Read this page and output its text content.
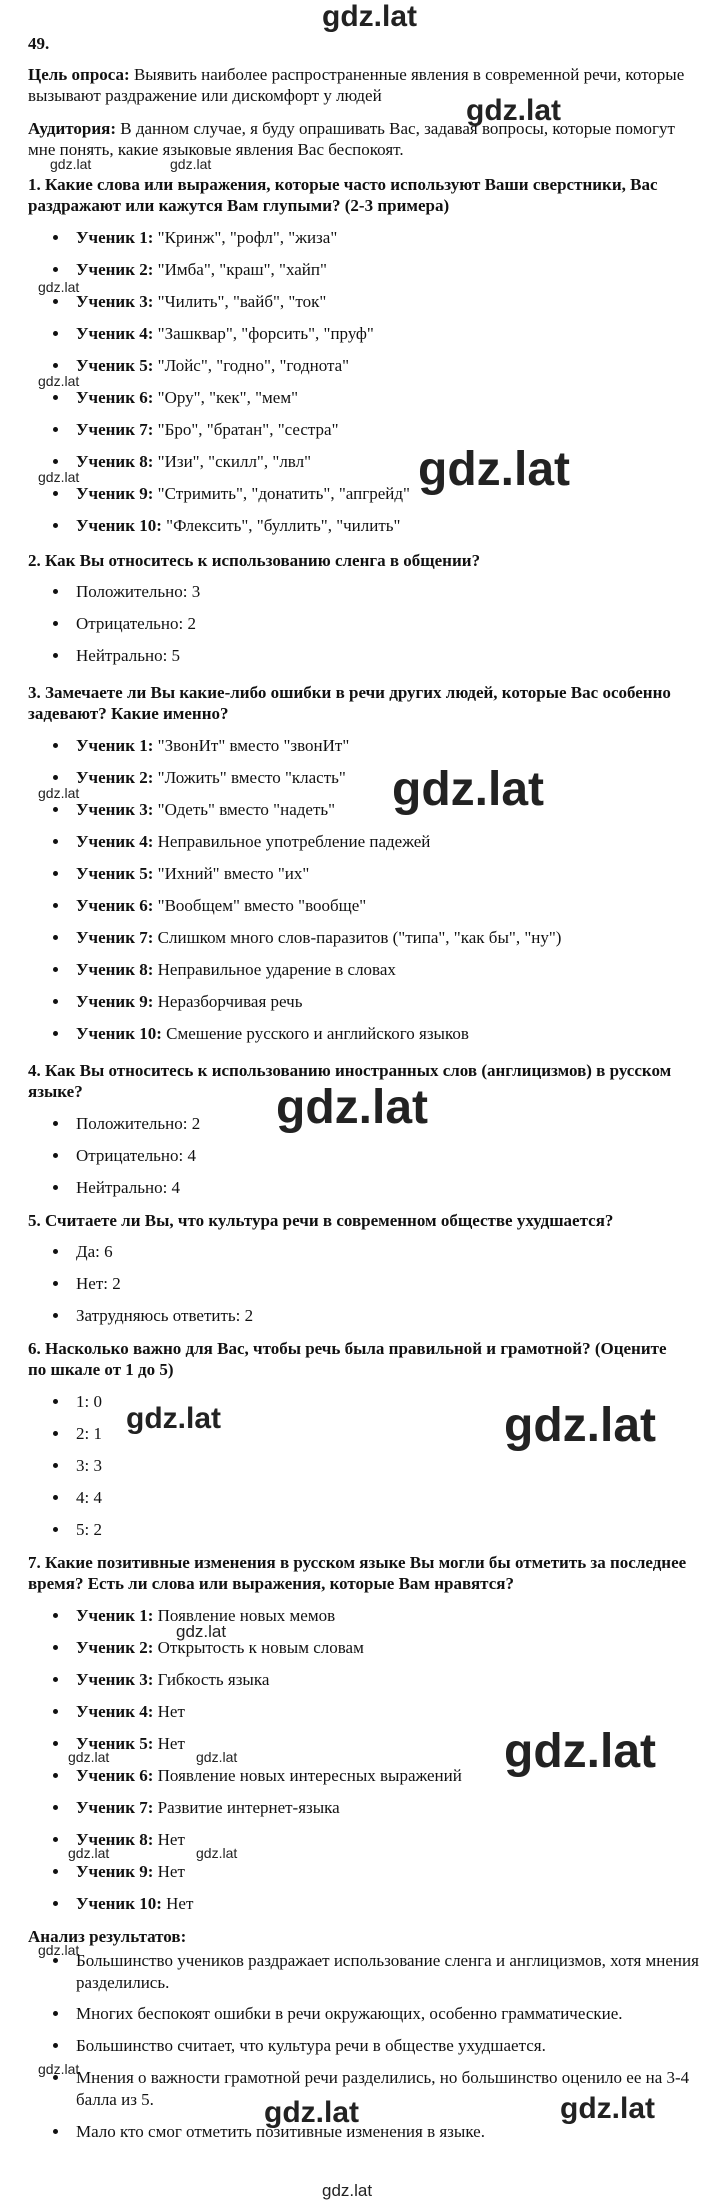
49.
Цель опроса: Выявить наиболее распространенные явления в современной речи, которые вызывают раздражение или дискомфорт у людей
Аудитория: В данном случае, я буду опрашивать Вас, задавая вопросы, которые помогут мне понять, какие языковые явления Вас беспокоят.
1. Какие слова или выражения, которые часто используют Ваши сверстники, Вас раздражают или кажутся Вам глупыми? (2-3 примера)
• Ученик 1: "Кринж", "рофл", "жиза"
• Ученик 2: "Имба", "краш", "хайп"
• Ученик 3: "Чилить", "вайб", "ток"
• Ученик 4: "Зашквар", "форсить", "пруф"
• Ученик 5: "Лойс", "годно", "годнота"
• Ученик 6: "Ору", "кек", "мем"
• Ученик 7: "Бро", "братан", "сестра"
• Ученик 8: "Изи", "скилл", "лвл"
• Ученик 9: "Стримить", "донатить", "апгрейд"
• Ученик 10: "Флексить", "буллить", "чилить"
2. Как Вы относитесь к использованию сленга в общении?
• Положительно: 3
• Отрицательно: 2
• Нейтрально: 5
3. Замечаете ли Вы какие-либо ошибки в речи других людей, которые Вас особенно задевают? Какие именно?
• Ученик 1: "ЗвонИт" вместо "звонИт"
• Ученик 2: "Ложить" вместо "класть"
• Ученик 3: "Одеть" вместо "надеть"
• Ученик 4: Неправильное употребление падежей
• Ученик 5: "Ихний" вместо "их"
• Ученик 6: "Вообщем" вместо "вообще"
• Ученик 7: Слишком много слов-паразитов ("типа", "как бы", "ну")
• Ученик 8: Неправильное ударение в словах
• Ученик 9: Неразборчивая речь
• Ученик 10: Смешение русского и английского языков
4. Как Вы относитесь к использованию иностранных слов (англицизмов) в русском языке?
• Положительно: 2
• Отрицательно: 4
• Нейтрально: 4
5. Считаете ли Вы, что культура речи в современном обществе ухудшается?
• Да: 6
• Нет: 2
• Затрудняюсь ответить: 2
6. Насколько важно для Вас, чтобы речь была правильной и грамотной? (Оцените по шкале от 1 до 5)
• 1: 0
• 2: 1
• 3: 3
• 4: 4
• 5: 2
7. Какие позитивные изменения в русском языке Вы могли бы отметить за последнее время? Есть ли слова или выражения, которые Вам нравятся?
• Ученик 1: Появление новых мемов
• Ученик 2: Открытость к новым словам
• Ученик 3: Гибкость языка
• Ученик 4: Нет
• Ученик 5: Нет
• Ученик 6: Появление новых интересных выражений
• Ученик 7: Развитие интернет-языка
• Ученик 8: Нет
• Ученик 9: Нет
• Ученик 10: Нет
Анализ результатов:
• Большинство учеников раздражает использование сленга и англицизмов, хотя мнения разделились.
• Многих беспокоят ошибки в речи окружающих, особенно грамматические.
• Большинство считает, что культура речи в обществе ухудшается.
• Мнения о важности грамотной речи разделились, но большинство оценило ее на 3-4 балла из 5.
• Мало кто смог отметить позитивные изменения в языке.
gdz.lat
gdz.lat
gdz.lat	gdz.lat
gdz.lat
gdz.lat
gdz.lat	gdz.lat
gdz.lat	gdz.lat
gdz.lat
gdz.lat	gdz.lat
gdz.lat
gdz.lat
gdz.lat	gdz.lat
gdz.lat	gdz.lat
gdz.lat
gdz.lat
gdz.lat	gdz.lat
gdz.lat
